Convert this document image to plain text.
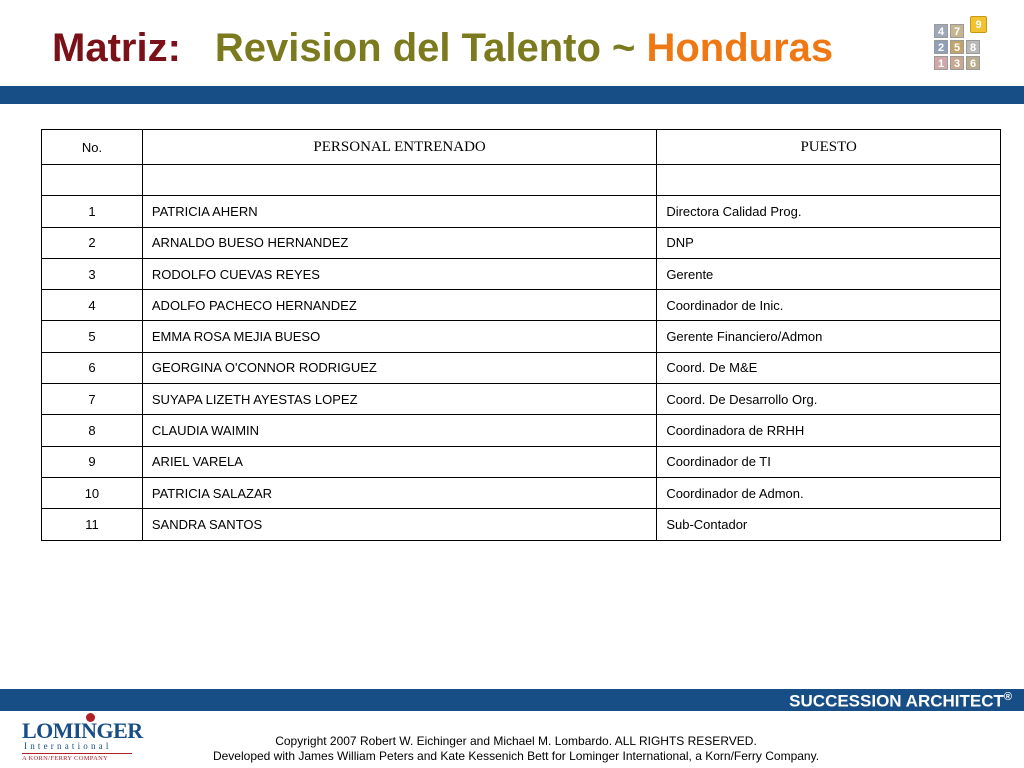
Matriz: Revision del Talento ~ Honduras	4 7
9
2 5 8
1 3 6
No.	PERSONAL ENTRENADO	PUESTO

1	PATRICIA AHERN	Directora Calidad Prog.
2	ARNALDO BUESO HERNANDEZ	DNP
3	RODOLFO CUEVAS REYES	Gerente
4	ADOLFO PACHECO HERNANDEZ	Coordinador de Inic.
5	EMMA ROSA MEJIA BUESO	Gerente Financiero/Admon
6	GEORGINA O'CONNOR RODRIGUEZ	Coord. De M&E
7	SUYAPA LIZETH AYESTAS LOPEZ	Coord. De Desarrollo Org.
8	CLAUDIA WAIMIN	Coordinadora de RRHH
9	ARIEL VARELA	Coordinador de TI
10	PATRICIA SALAZAR	Coordinador de Admon.
11	SANDRA SANTOS	Sub-Contador
SUCCESSION ARCHITECT®
LOMINGER
International
A KORN/FERRY COMPANY
Copyright 2007 Robert W. Eichinger and Michael M. Lombardo. ALL RIGHTS RESERVED.
Developed with James William Peters and Kate Kessenich Bett for Lominger International, a Korn/Ferry Company.
